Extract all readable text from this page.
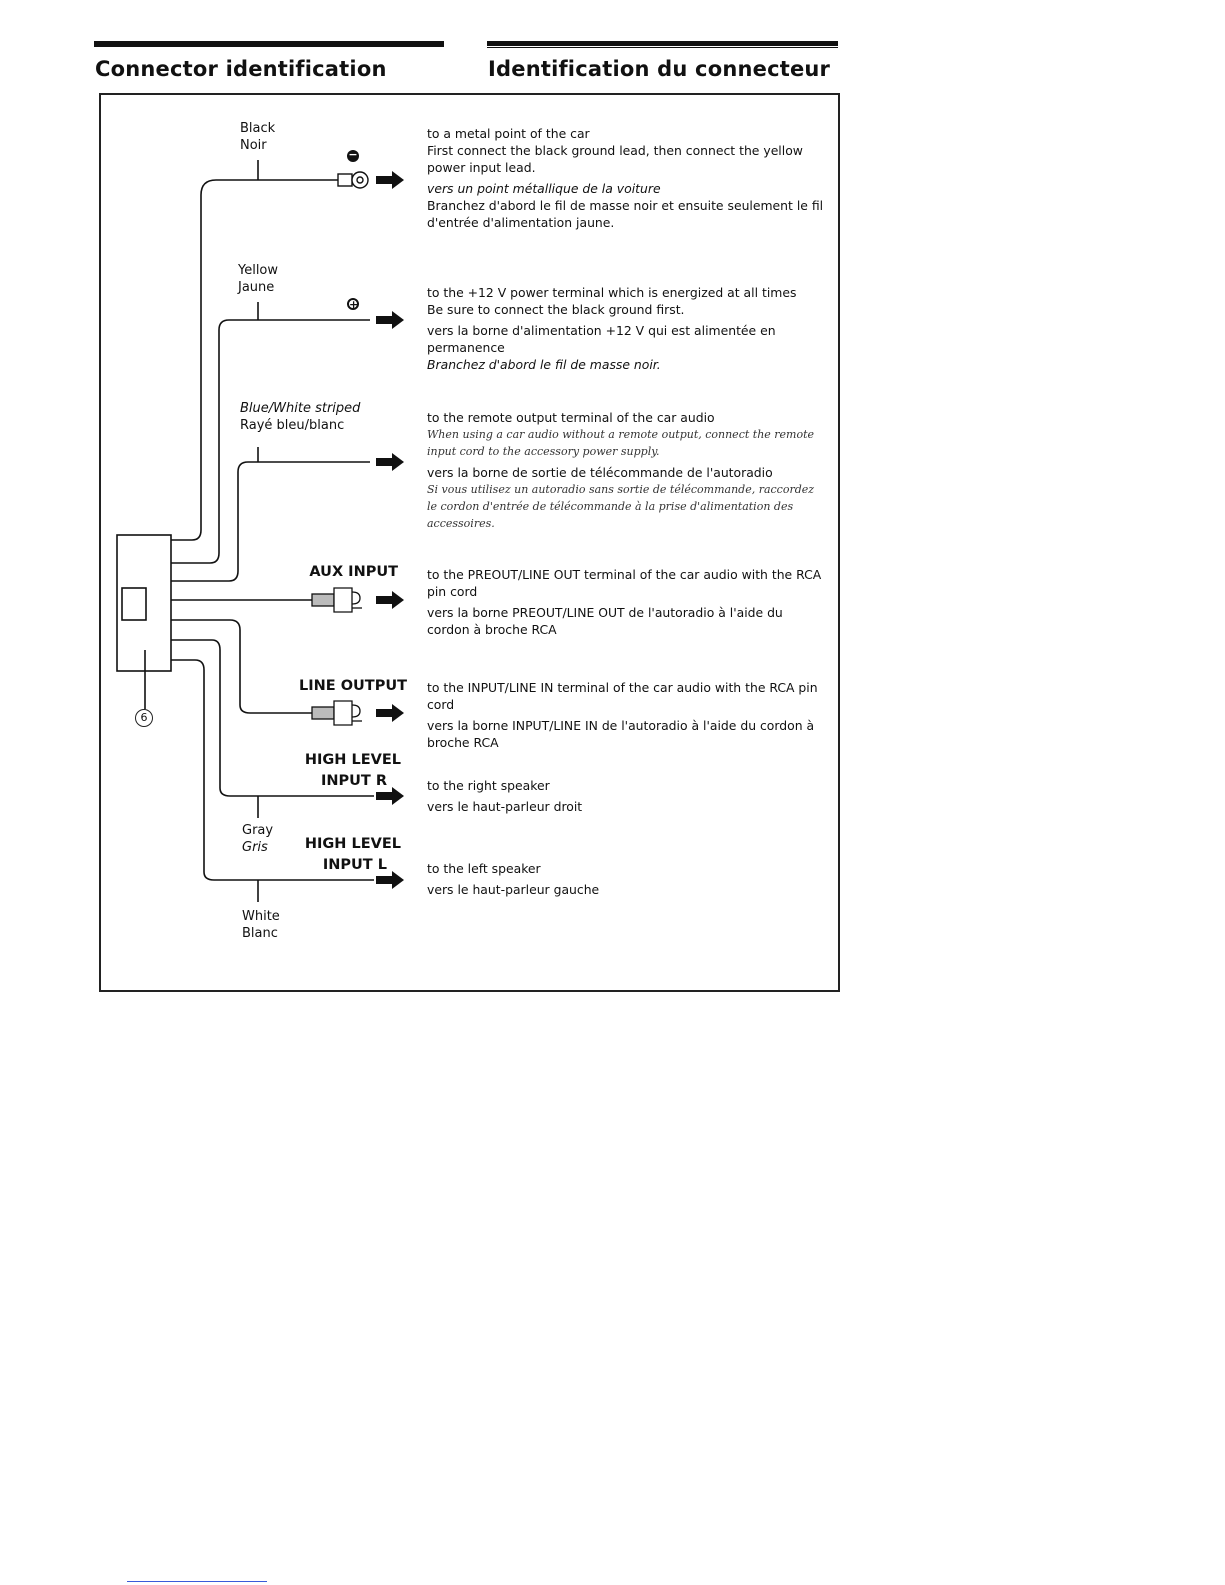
Connector identification	Identification du connecteur
−
+
6
Black
Noir
Yellow
Jaune
Blue/White striped
Rayé bleu/blanc
Gray
Gris
White
Blanc
AUX INPUT
LINE OUTPUT
HIGH LEVEL
INPUT R
HIGH LEVEL
INPUT L
to a metal point of the car
First connect the black ground lead, then connect the yellow power input lead.
vers un point métallique de la voiture
Branchez d'abord le fil de masse noir et ensuite seulement le fil d'entrée d'alimentation jaune.
to the +12 V power terminal which is energized at all times
Be sure to connect the black ground first.
vers la borne d'alimentation +12 V qui est alimentée en permanence
Branchez d'abord le fil de masse noir.
to the remote output terminal of the car audio
When using a car audio without a remote output, connect the remote input cord to the accessory power supply.
vers la borne de sortie de télécommande de l'autoradio
Si vous utilisez un autoradio sans sortie de télécommande, raccordez le cordon d'entrée de télécommande à la prise d'alimentation des accessoires.
to the PREOUT/LINE OUT terminal of the car audio with the RCA pin cord
vers la borne PREOUT/LINE OUT de l'autoradio à l'aide du cordon à broche RCA
to the INPUT/LINE IN terminal of the car audio with the RCA pin cord
vers la borne INPUT/LINE IN de l'autoradio à l'aide du cordon à broche RCA
to the right speaker
vers le haut-parleur droit
to the left speaker
vers le haut-parleur gauche
